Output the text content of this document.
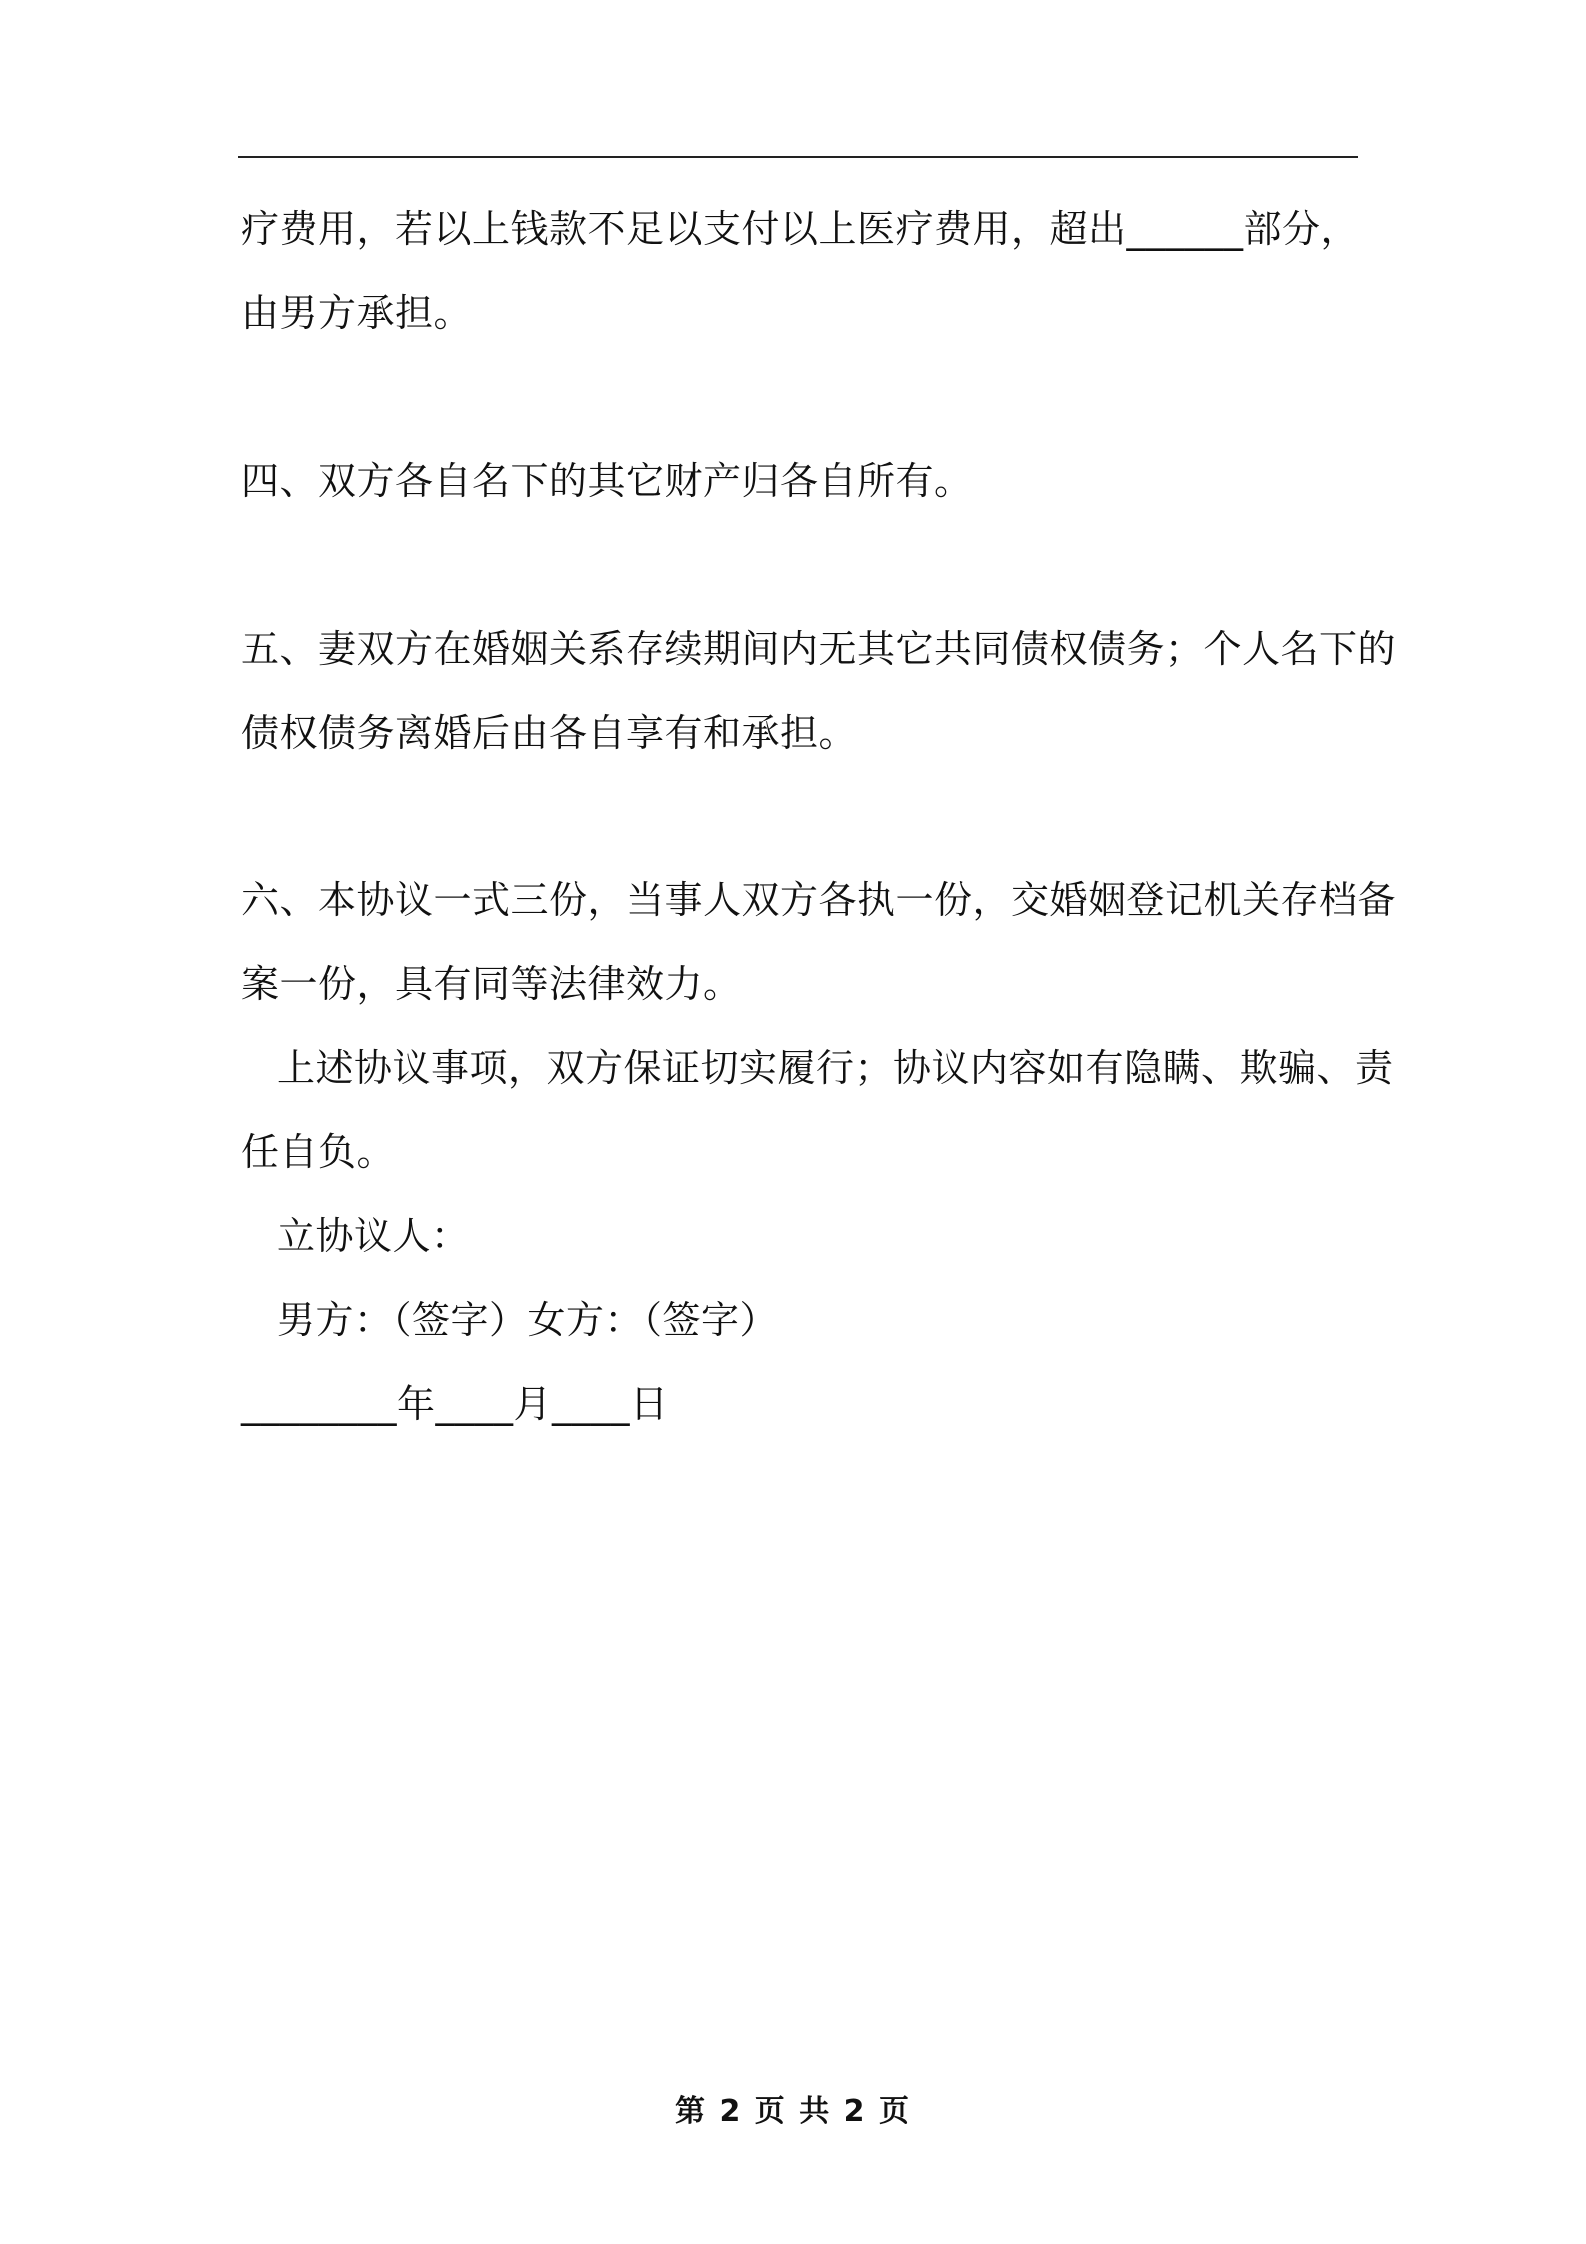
疗费用，若以上钱款不足以支付以上医疗费用，超出______部分，
由男方承担。
四、双方各自名下的其它财产归各自所有。
五、妻双方在婚姻关系存续期间内无其它共同债权债务；个人名下的
债权债务离婚后由各自享有和承担。
六、本协议一式三份，当事人双方各执一份，交婚姻登记机关存档备
案一份，具有同等法律效力。
上述协议事项，双方保证切实履行；协议内容如有隐瞒、欺骗、责
任自负。
立协议人：
男方：（签字）女方：（签字）
________年____月____日
第 2 页 共 2 页
